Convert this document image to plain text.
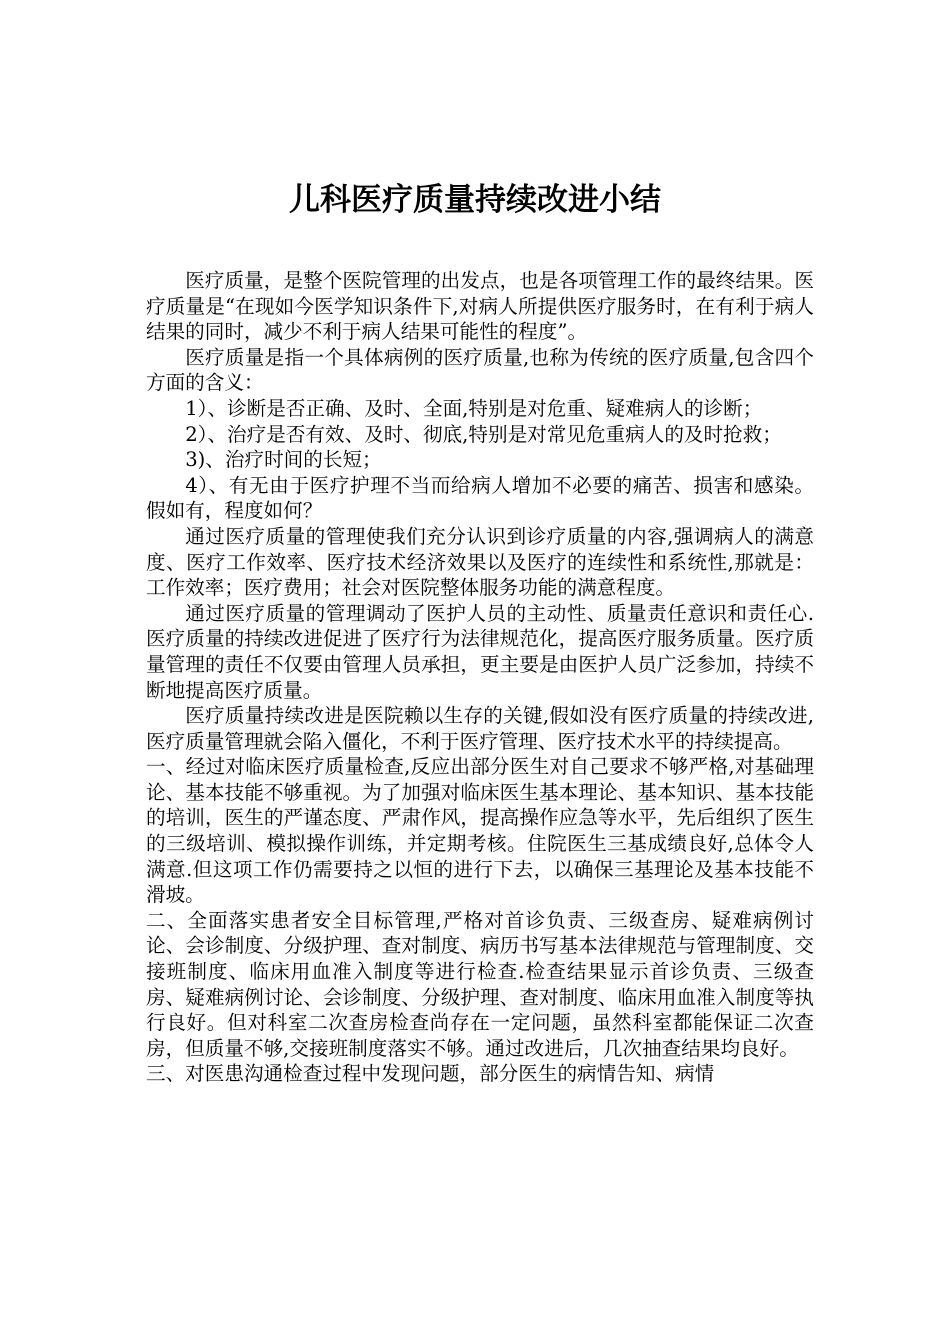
儿科医疗质量持续改进小结

医疗质量，是整个医院管理的出发点，也是各项管理工作的最终结果。医疗质量是“在现如今医学知识条件下,对病人所提供医疗服务时，在有利于病人结果的同时，减少不利于病人结果可能性的程度”。

医疗质量是指一个具体病例的医疗质量,也称为传统的医疗质量,包含四个方面的含义：

1）、诊断是否正确、及时、全面,特别是对危重、疑难病人的诊断；

2）、治疗是否有效、及时、彻底,特别是对常见危重病人的及时抢救；

3)、治疗时间的长短；

4）、有无由于医疗护理不当而给病人增加不必要的痛苦、损害和感染。假如有，程度如何？

通过医疗质量的管理使我们充分认识到诊疗质量的内容,强调病人的满意度、医疗工作效率、医疗技术经济效果以及医疗的连续性和系统性,那就是：工作效率；医疗费用；社会对医院整体服务功能的满意程度。

通过医疗质量的管理调动了医护人员的主动性、质量责任意识和责任心.医疗质量的持续改进促进了医疗行为法律规范化，提高医疗服务质量。医疗质量管理的责任不仅要由管理人员承担，更主要是由医护人员广泛参加，持续不断地提高医疗质量。

医疗质量持续改进是医院赖以生存的关键,假如没有医疗质量的持续改进,医疗质量管理就会陷入僵化，不利于医疗管理、医疗技术水平的持续提高。

一、经过对临床医疗质量检查,反应出部分医生对自己要求不够严格,对基础理论、基本技能不够重视。为了加强对临床医生基本理论、基本知识、基本技能的培训，医生的严谨态度、严肃作风，提高操作应急等水平，先后组织了医生的三级培训、模拟操作训练，并定期考核。住院医生三基成绩良好,总体令人满意.但这项工作仍需要持之以恒的进行下去，以确保三基理论及基本技能不滑坡。

二、全面落实患者安全目标管理,严格对首诊负责、三级查房、疑难病例讨论、会诊制度、分级护理、查对制度、病历书写基本法律规范与管理制度、交接班制度、临床用血准入制度等进行检查.检查结果显示首诊负责、三级查房、疑难病例讨论、会诊制度、分级护理、查对制度、临床用血准入制度等执行良好。但对科室二次查房检查尚存在一定问题，虽然科室都能保证二次查房，但质量不够,交接班制度落实不够。通过改进后，几次抽查结果均良好。

三、对医患沟通检查过程中发现问题，部分医生的病情告知、病情
